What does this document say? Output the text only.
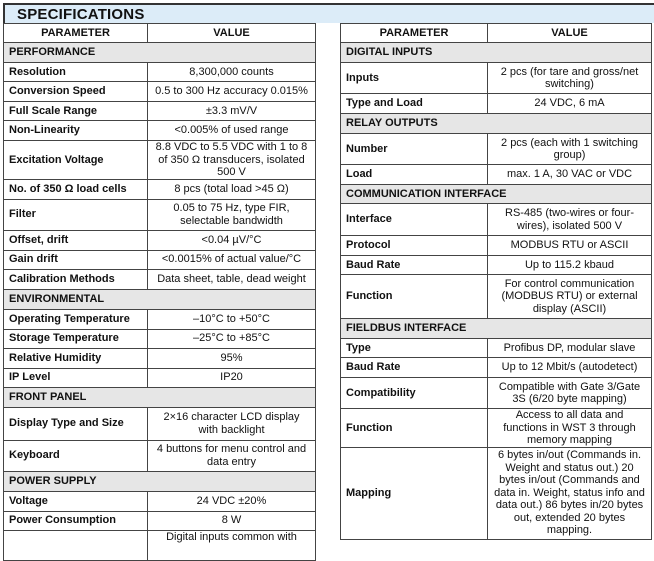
SPECIFICATIONS
PARAMETER	VALUE
PERFORMANCE	
Resolution	8,300,000 counts
Conversion Speed	0.5 to 300 Hz accuracy 0.015%
Full Scale Range	±3.3 mV/V
Non-Linearity	<0.005% of used range
Excitation Voltage	8.8 VDC to 5.5 VDC with 1 to 8 of 350 Ω transducers, isolated 500 V
No. of 350 Ω load cells	8 pcs (total load >45 Ω)
Filter	0.05 to 75 Hz, type FIR, selectable bandwidth
Offset, drift	<0.04 µV/°C
Gain drift	<0.0015% of actual value/°C
Calibration Methods	Data sheet, table, dead weight
ENVIRONMENTAL	
Operating Temperature	–10°C to +50°C
Storage Temperature	–25°C to +85°C
Relative Humidity	95%
IP Level	IP20
FRONT PANEL	
Display Type and Size	2×16 character LCD display with backlight
Keyboard	4 buttons for menu control and data entry
POWER SUPPLY	
Voltage	24 VDC ±20%
Power Consumption	8 W
	Digital inputs common with
PARAMETER	VALUE
DIGITAL INPUTS	
Inputs	2 pcs (for tare and gross/net switching)
Type and Load	24 VDC, 6 mA
RELAY OUTPUTS	
Number	2 pcs (each with 1 switching group)
Load	max. 1 A, 30 VAC or VDC
COMMUNICATION INTERFACE	
Interface	RS-485 (two-wires or four-wires), isolated 500 V
Protocol	MODBUS RTU or ASCII
Baud Rate	Up to 115.2 kbaud
Function	For control communication (MODBUS RTU) or external display (ASCII)
FIELDBUS INTERFACE	
Type	Profibus DP, modular slave
Baud Rate	Up to 12 Mbit/s (autodetect)
Compatibility	Compatible with Gate 3/Gate 3S (6/20 byte mapping)
Function	Access to all data and functions in WST 3 through memory mapping
Mapping	6 bytes in/out (Commands in. Weight and status out.) 20 bytes in/out (Commands and data in. Weight, status info and data out.) 86 bytes in/20 bytes out, extended 20 bytes mapping.
